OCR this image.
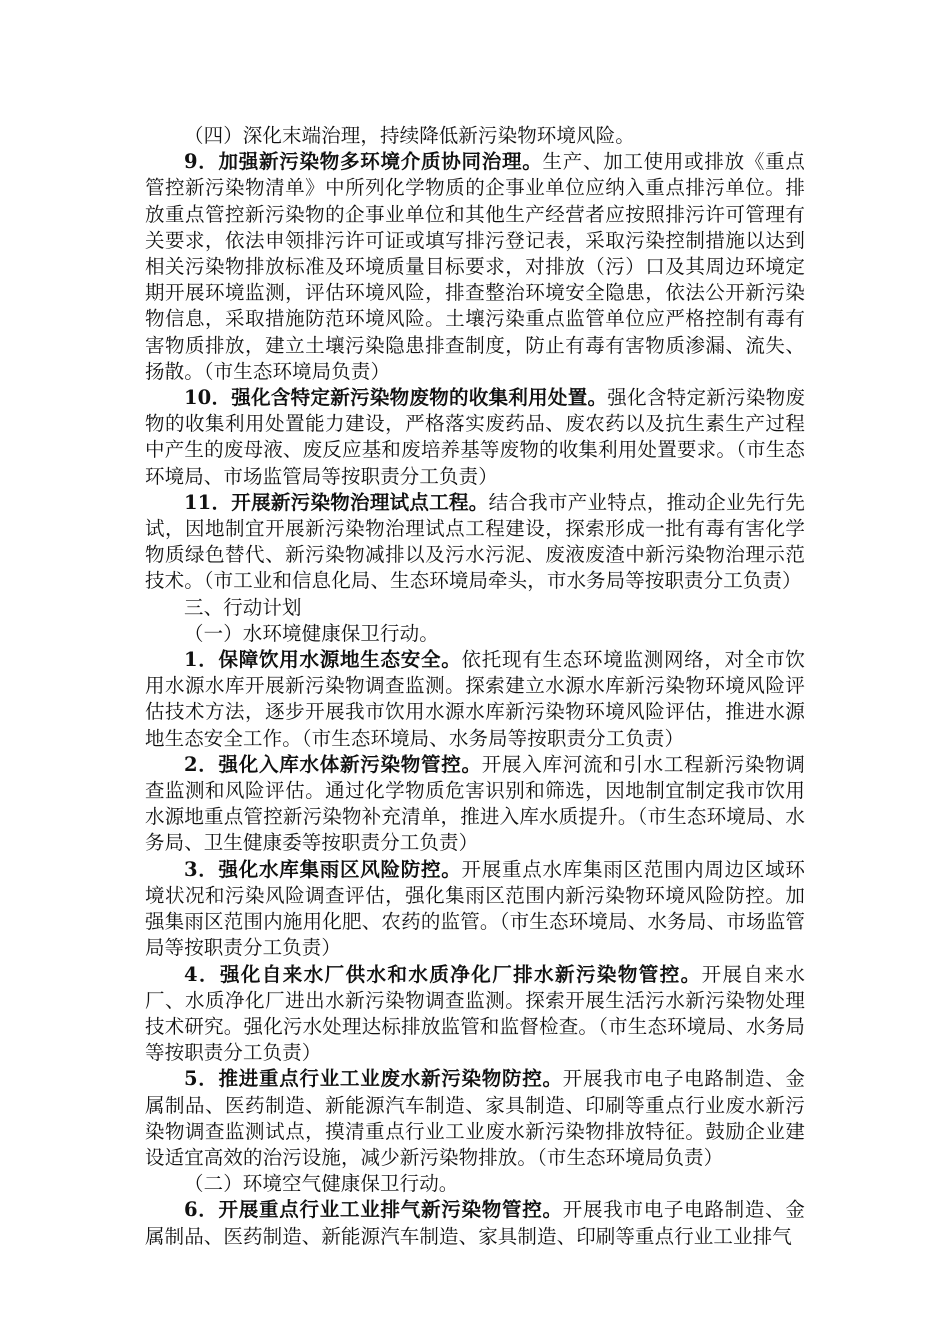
（四）深化末端治理，持续降低新污染物环境风险。

9．加强新污染物多环境介质协同治理。生产、加工使用或排放《重点管控新污染物清单》中所列化学物质的企事业单位应纳入重点排污单位。排放重点管控新污染物的企事业单位和其他生产经营者应按照排污许可管理有关要求，依法申领排污许可证或填写排污登记表，采取污染控制措施以达到相关污染物排放标准及环境质量目标要求，对排放（污）口及其周边环境定期开展环境监测，评估环境风险，排查整治环境安全隐患，依法公开新污染物信息，采取措施防范环境风险。土壤污染重点监管单位应严格控制有毒有害物质排放，建立土壤污染隐患排查制度，防止有毒有害物质渗漏、流失、扬散。（市生态环境局负责）

10．强化含特定新污染物废物的收集利用处置。强化含特定新污染物废物的收集利用处置能力建设，严格落实废药品、废农药以及抗生素生产过程中产生的废母液、废反应基和废培养基等废物的收集利用处置要求。（市生态环境局、市场监管局等按职责分工负责）

11．开展新污染物治理试点工程。结合我市产业特点，推动企业先行先试，因地制宜开展新污染物治理试点工程建设，探索形成一批有毒有害化学物质绿色替代、新污染物减排以及污水污泥、废液废渣中新污染物治理示范技术。（市工业和信息化局、生态环境局牵头，市水务局等按职责分工负责）

三、行动计划

（一）水环境健康保卫行动。

1．保障饮用水源地生态安全。依托现有生态环境监测网络，对全市饮用水源水库开展新污染物调查监测。探索建立水源水库新污染物环境风险评估技术方法，逐步开展我市饮用水源水库新污染物环境风险评估，推进水源地生态安全工作。（市生态环境局、水务局等按职责分工负责）

2．强化入库水体新污染物管控。开展入库河流和引水工程新污染物调查监测和风险评估。通过化学物质危害识别和筛选，因地制宜制定我市饮用水源地重点管控新污染物补充清单，推进入库水质提升。（市生态环境局、水务局、卫生健康委等按职责分工负责）

3．强化水库集雨区风险防控。开展重点水库集雨区范围内周边区域环境状况和污染风险调查评估，强化集雨区范围内新污染物环境风险防控。加强集雨区范围内施用化肥、农药的监管。（市生态环境局、水务局、市场监管局等按职责分工负责）

4．强化自来水厂供水和水质净化厂排水新污染物管控。开展自来水厂、水质净化厂进出水新污染物调查监测。探索开展生活污水新污染物处理技术研究。强化污水处理达标排放监管和监督检查。（市生态环境局、水务局等按职责分工负责）

5．推进重点行业工业废水新污染物防控。开展我市电子电路制造、金属制品、医药制造、新能源汽车制造、家具制造、印刷等重点行业废水新污染物调查监测试点，摸清重点行业工业废水新污染物排放特征。鼓励企业建设适宜高效的治污设施，减少新污染物排放。（市生态环境局负责）

（二）环境空气健康保卫行动。

6．开展重点行业工业排气新污染物管控。开展我市电子电路制造、金属制品、医药制造、新能源汽车制造、家具制造、印刷等重点行业工业排气
